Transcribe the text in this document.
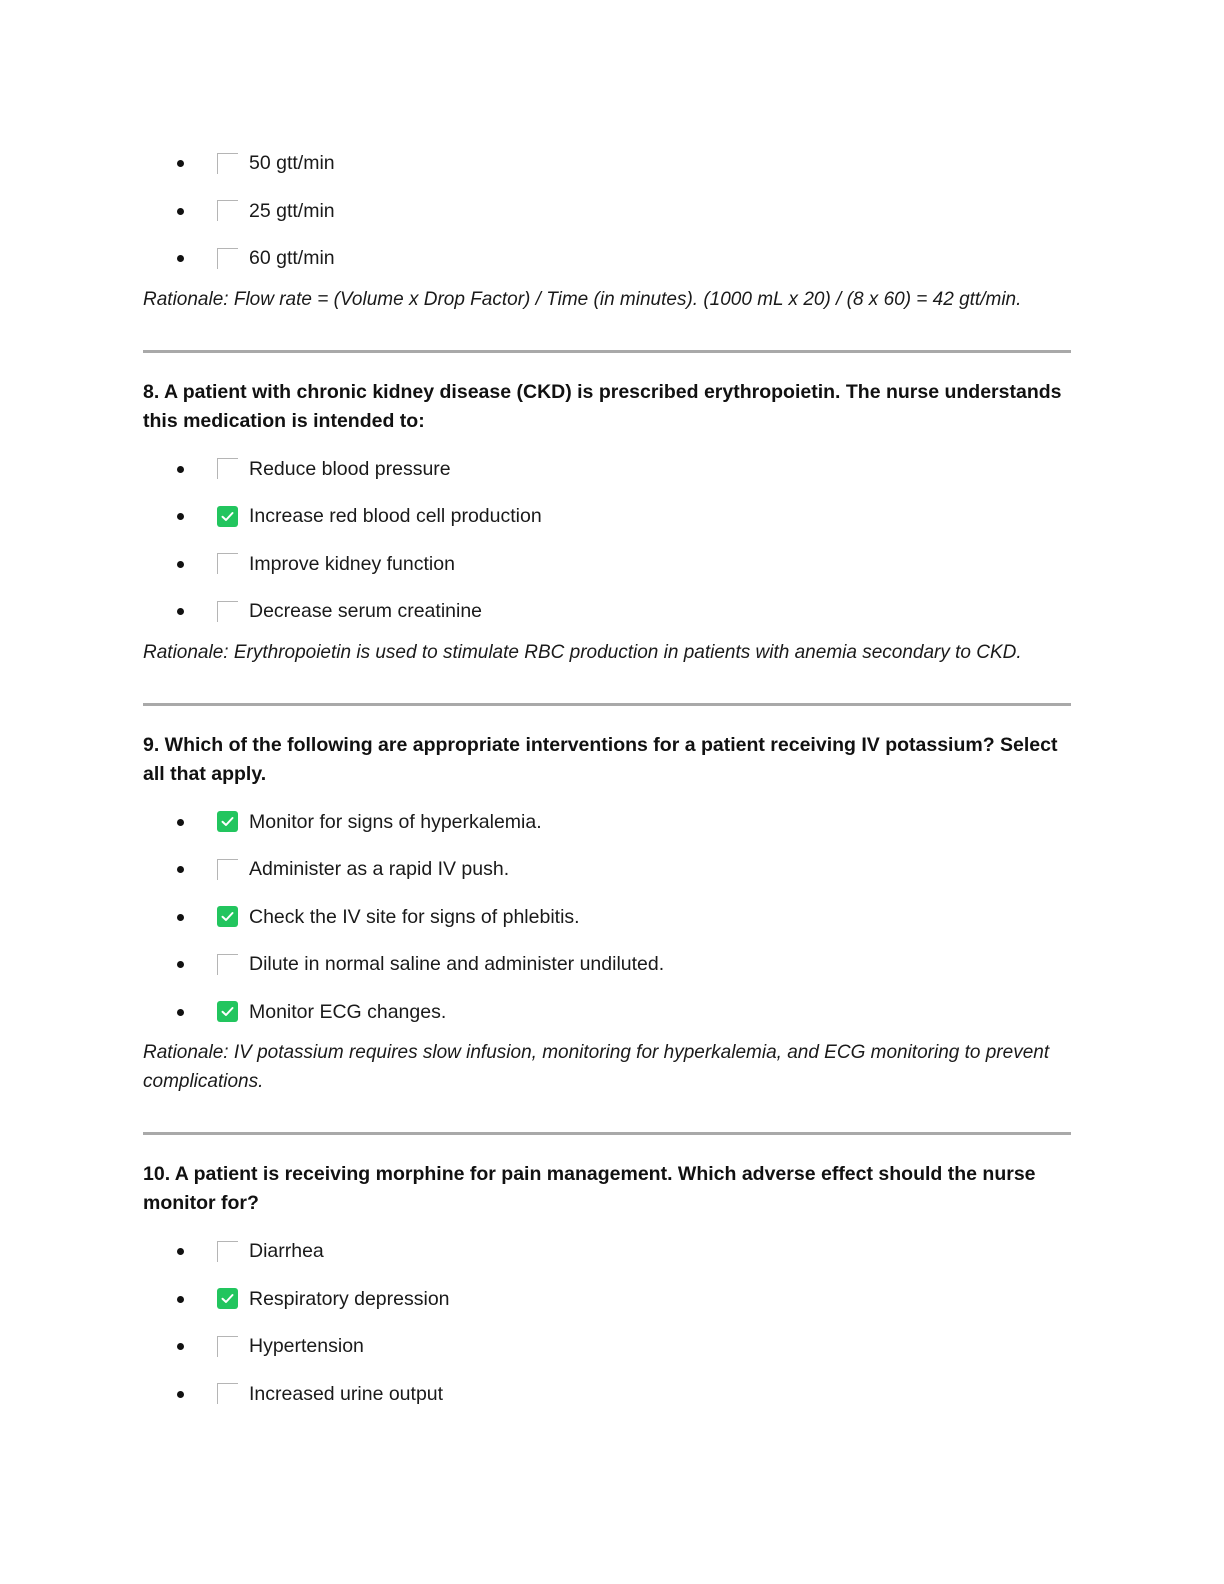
50 gtt/min
25 gtt/min
60 gtt/min

Rationale: Flow rate = (Volume x Drop Factor) / Time (in minutes). (1000 mL x 20) / (8 x 60) = 42 gtt/min.

8. A patient with chronic kidney disease (CKD) is prescribed erythropoietin. The nurse understands this medication is intended to:

Reduce blood pressure
Increase red blood cell production
Improve kidney function
Decrease serum creatinine

Rationale: Erythropoietin is used to stimulate RBC production in patients with anemia secondary to CKD.

9. Which of the following are appropriate interventions for a patient receiving IV potassium? Select all that apply.

Monitor for signs of hyperkalemia.
Administer as a rapid IV push.
Check the IV site for signs of phlebitis.
Dilute in normal saline and administer undiluted.
Monitor ECG changes.

Rationale: IV potassium requires slow infusion, monitoring for hyperkalemia, and ECG monitoring to prevent complications.

10. A patient is receiving morphine for pain management. Which adverse effect should the nurse monitor for?

Diarrhea
Respiratory depression
Hypertension
Increased urine output
